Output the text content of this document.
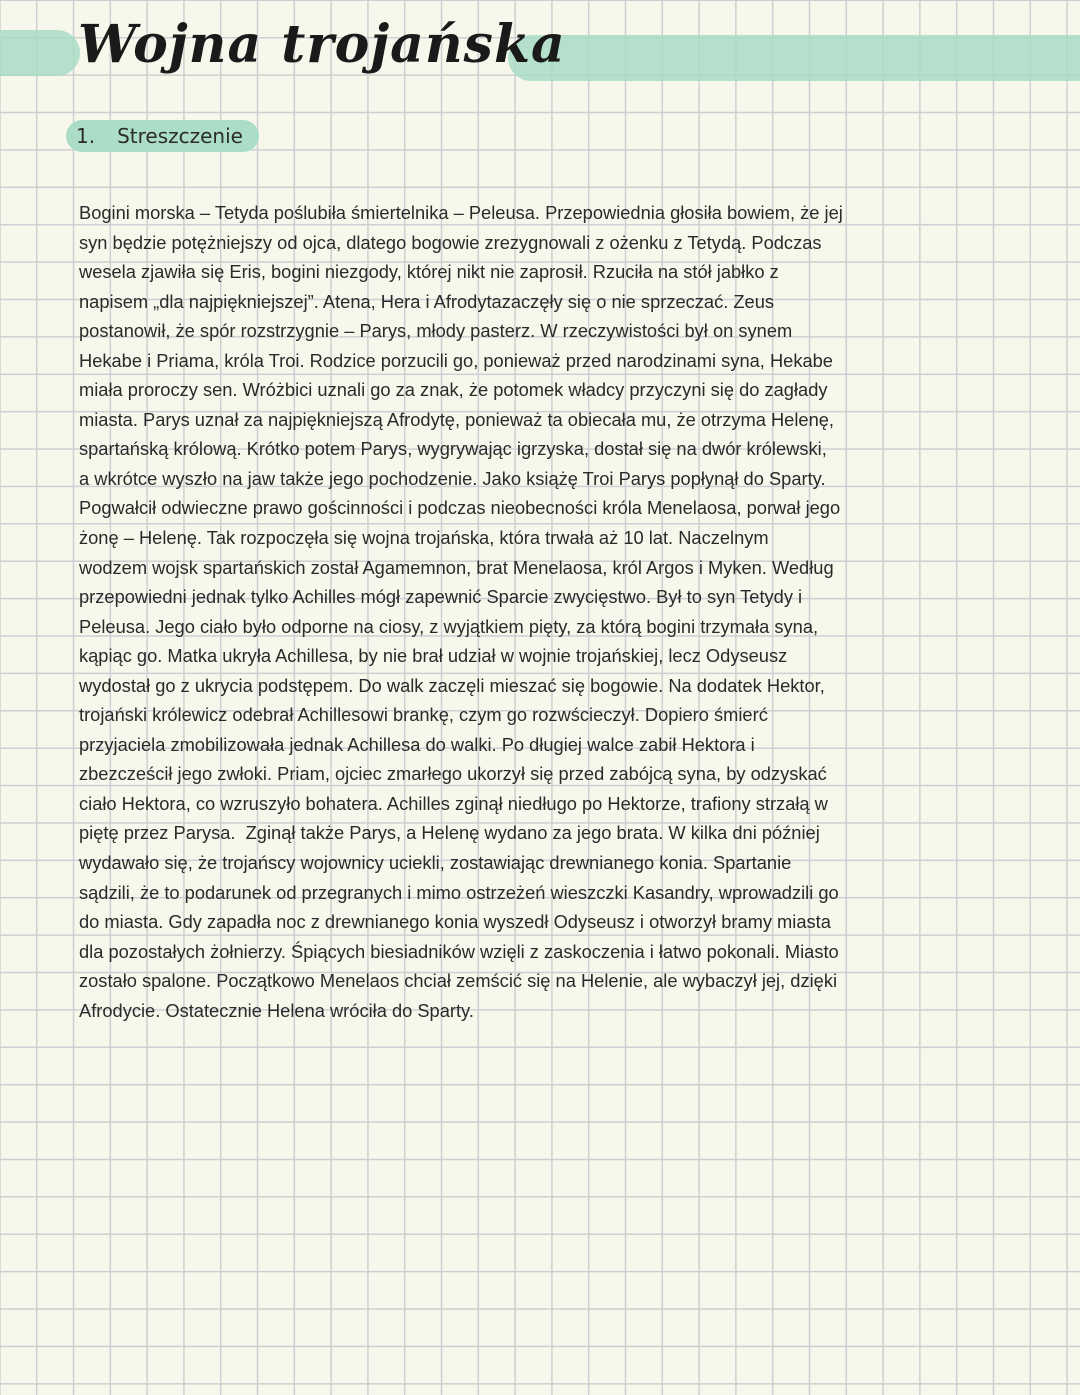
Wojna trojańska
1. Streszczenie
Bogini morska – Tetyda poślubiła śmiertelnika – Peleusa. Przepowiednia głosiła bowiem, że jej
syn będzie potężniejszy od ojca, dlatego bogowie zrezygnowali z ożenku z Tetydą. Podczas
wesela zjawiła się Eris, bogini niezgody, której nikt nie zaprosił. Rzuciła na stół jabłko z
napisem „dla najpiękniejszej”. Atena, Hera i Afrodytazaczęły się o nie sprzeczać. Zeus
postanowił, że spór rozstrzygnie – Parys, młody pasterz. W rzeczywistości był on synem
Hekabe i Priama, króla Troi. Rodzice porzucili go, ponieważ przed narodzinami syna, Hekabe
miała proroczy sen. Wróżbici uznali go za znak, że potomek władcy przyczyni się do zagłady
miasta. Parys uznał za najpiękniejszą Afrodytę, ponieważ ta obiecała mu, że otrzyma Helenę,
spartańską królową. Krótko potem Parys, wygrywając igrzyska, dostał się na dwór królewski,
a wkrótce wyszło na jaw także jego pochodzenie. Jako książę Troi Parys popłynął do Sparty.
Pogwałcił odwieczne prawo gościnności i podczas nieobecności króla Menelaosa, porwał jego
żonę – Helenę. Tak rozpoczęła się wojna trojańska, która trwała aż 10 lat. Naczelnym
wodzem wojsk spartańskich został Agamemnon, brat Menelaosa, król Argos i Myken. Według
przepowiedni jednak tylko Achilles mógł zapewnić Sparcie zwycięstwo. Był to syn Tetydy i
Peleusa. Jego ciało było odporne na ciosy, z wyjątkiem pięty, za którą bogini trzymała syna,
kąpiąc go. Matka ukryła Achillesa, by nie brał udział w wojnie trojańskiej, lecz Odyseusz
wydostał go z ukrycia podstępem. Do walk zaczęli mieszać się bogowie. Na dodatek Hektor,
trojański królewicz odebrał Achillesowi brankę, czym go rozwścieczył. Dopiero śmierć
przyjaciela zmobilizowała jednak Achillesa do walki. Po długiej walce zabił Hektora i
zbezcześcił jego zwłoki. Priam, ojciec zmarłego ukorzył się przed zabójcą syna, by odzyskać
ciało Hektora, co wzruszyło bohatera. Achilles zginął niedługo po Hektorze, trafiony strzałą w
piętę przez Parysa.  Zginął także Parys, a Helenę wydano za jego brata. W kilka dni później
wydawało się, że trojańscy wojownicy uciekli, zostawiając drewnianego konia. Spartanie
sądzili, że to podarunek od przegranych i mimo ostrzeżeń wieszczki Kasandry, wprowadzili go
do miasta. Gdy zapadła noc z drewnianego konia wyszedł Odyseusz i otworzył bramy miasta
dla pozostałych żołnierzy. Śpiących biesiadników wzięli z zaskoczenia i łatwo pokonali. Miasto
zostało spalone. Początkowo Menelaos chciał zemścić się na Helenie, ale wybaczył jej, dzięki
Afrodycie. Ostatecznie Helena wróciła do Sparty.
